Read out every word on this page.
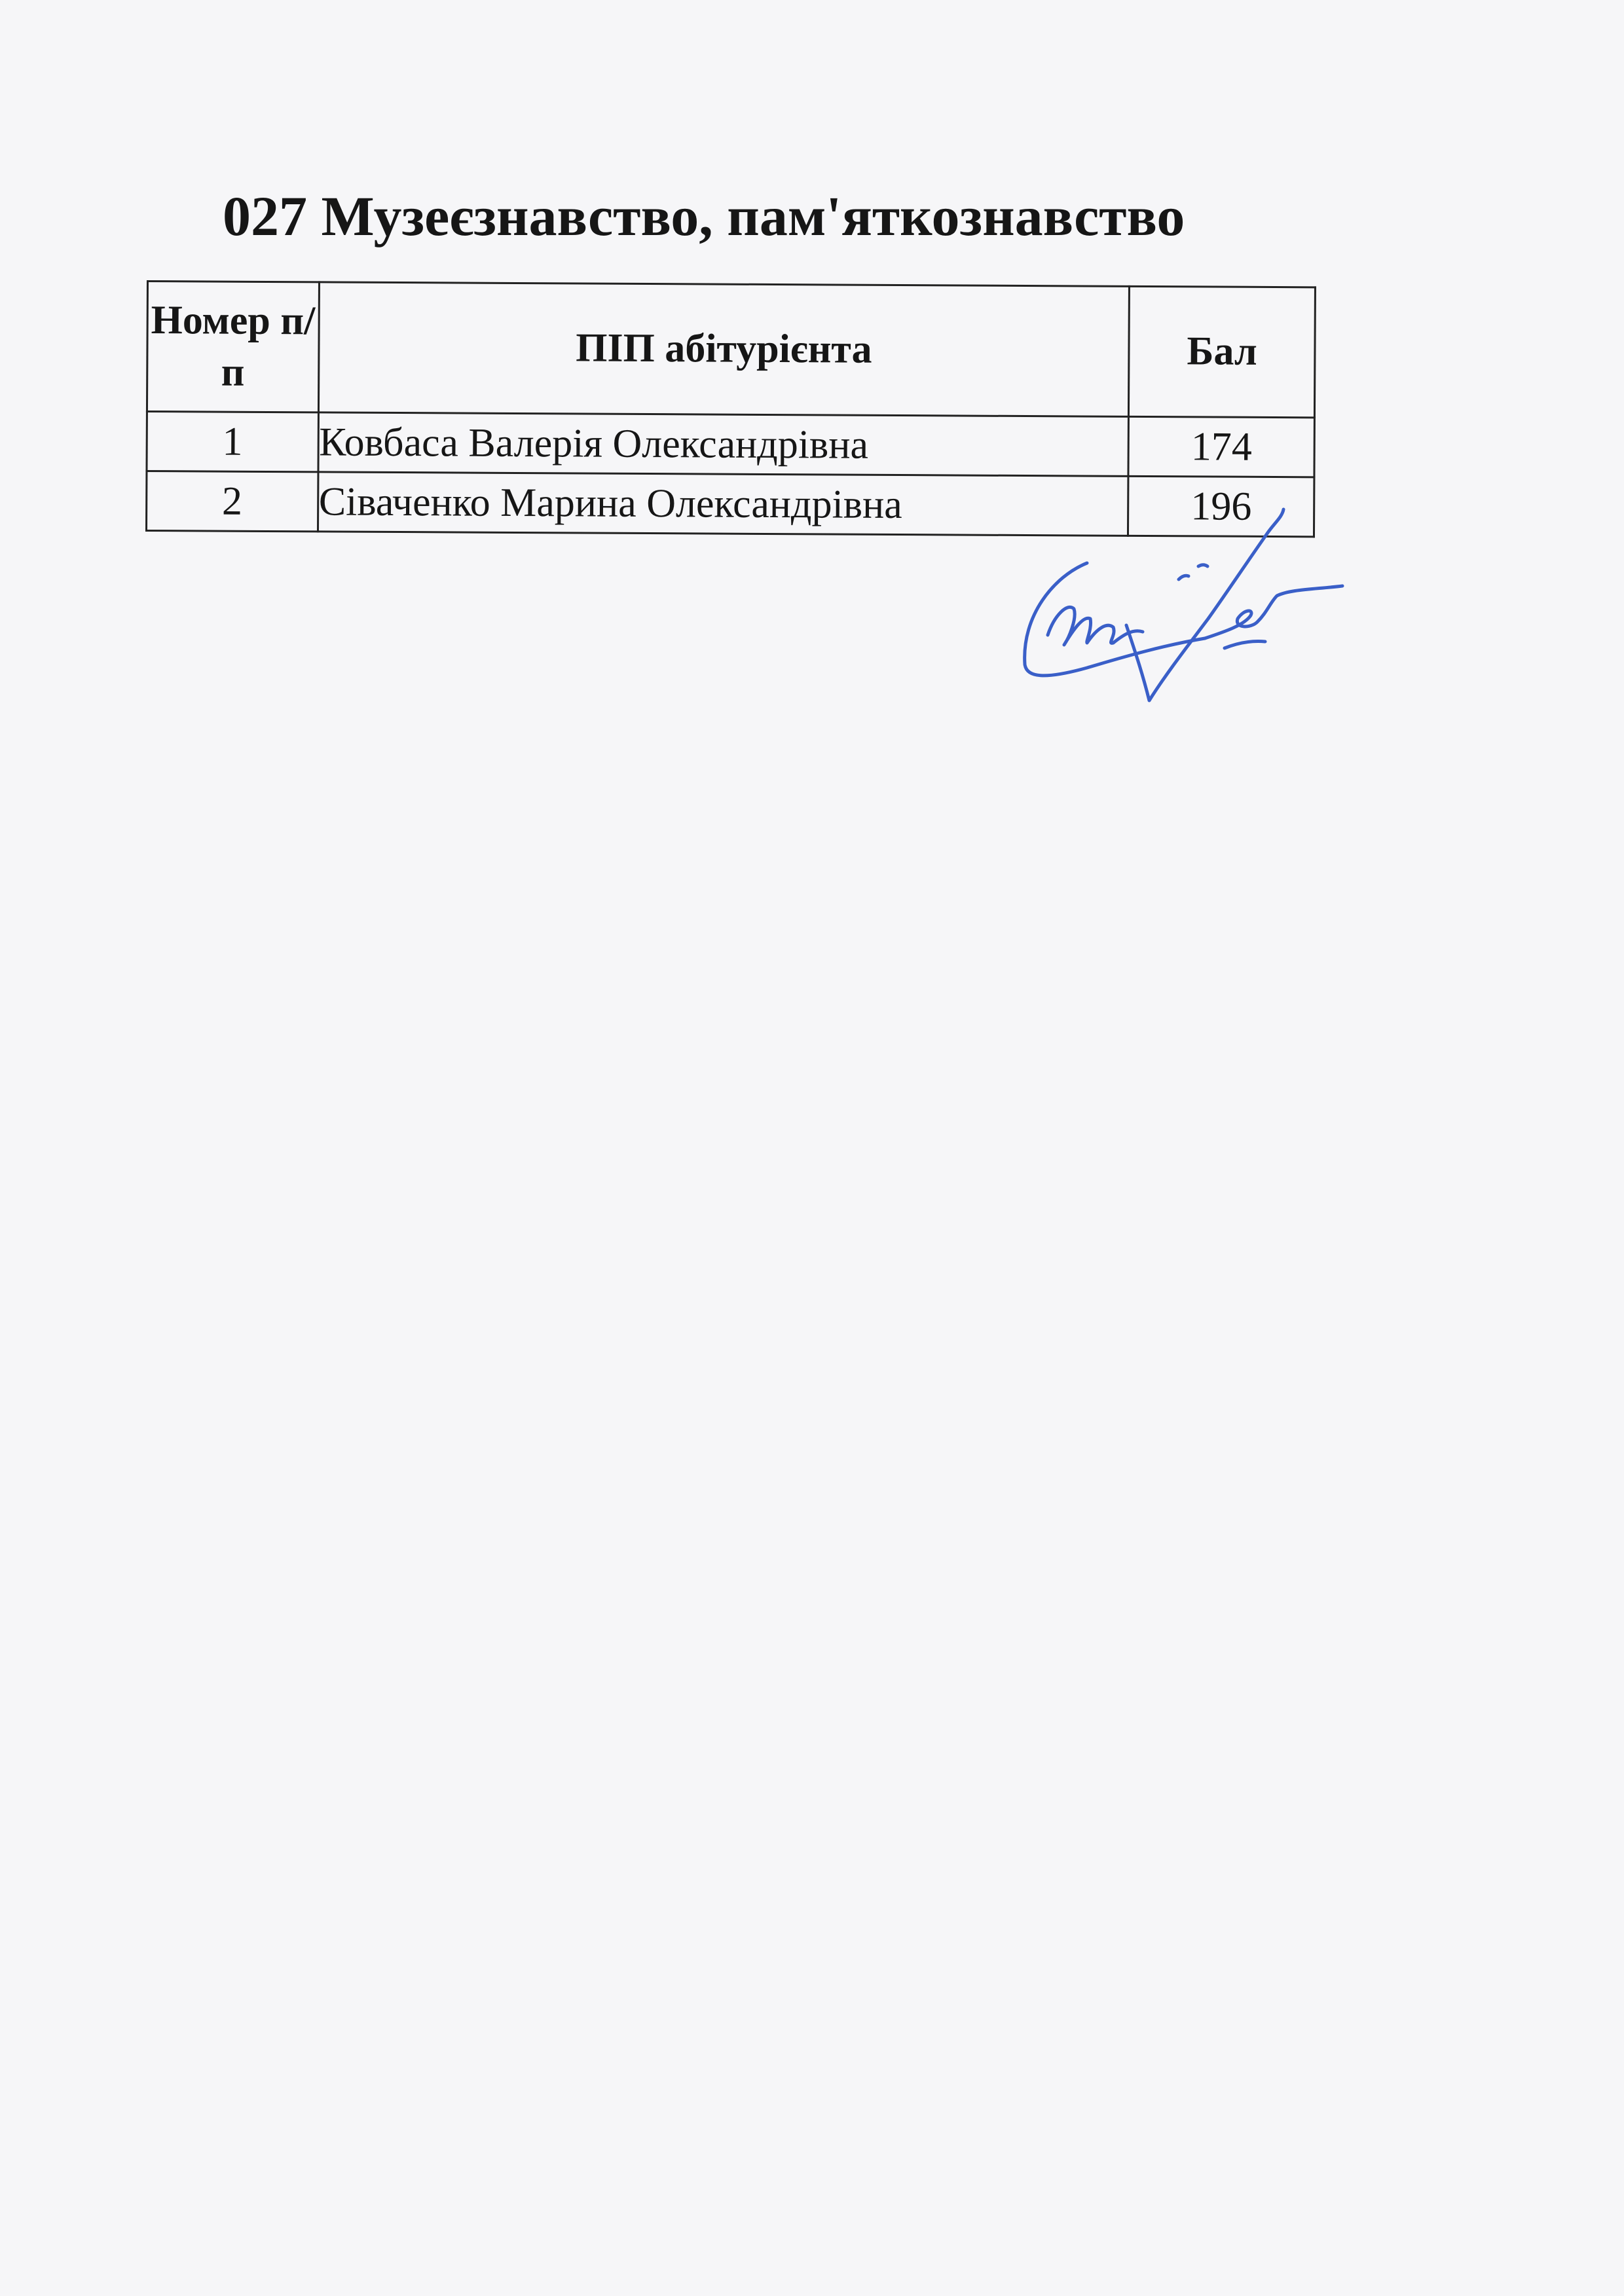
027 Музеєзнавство, пам'яткознавство
Номер п/п	ПІП абітурієнта	Бал
1	Ковбаса Валерія Олександрівна	174
2	Сіваченко Марина Олександрівна	196
